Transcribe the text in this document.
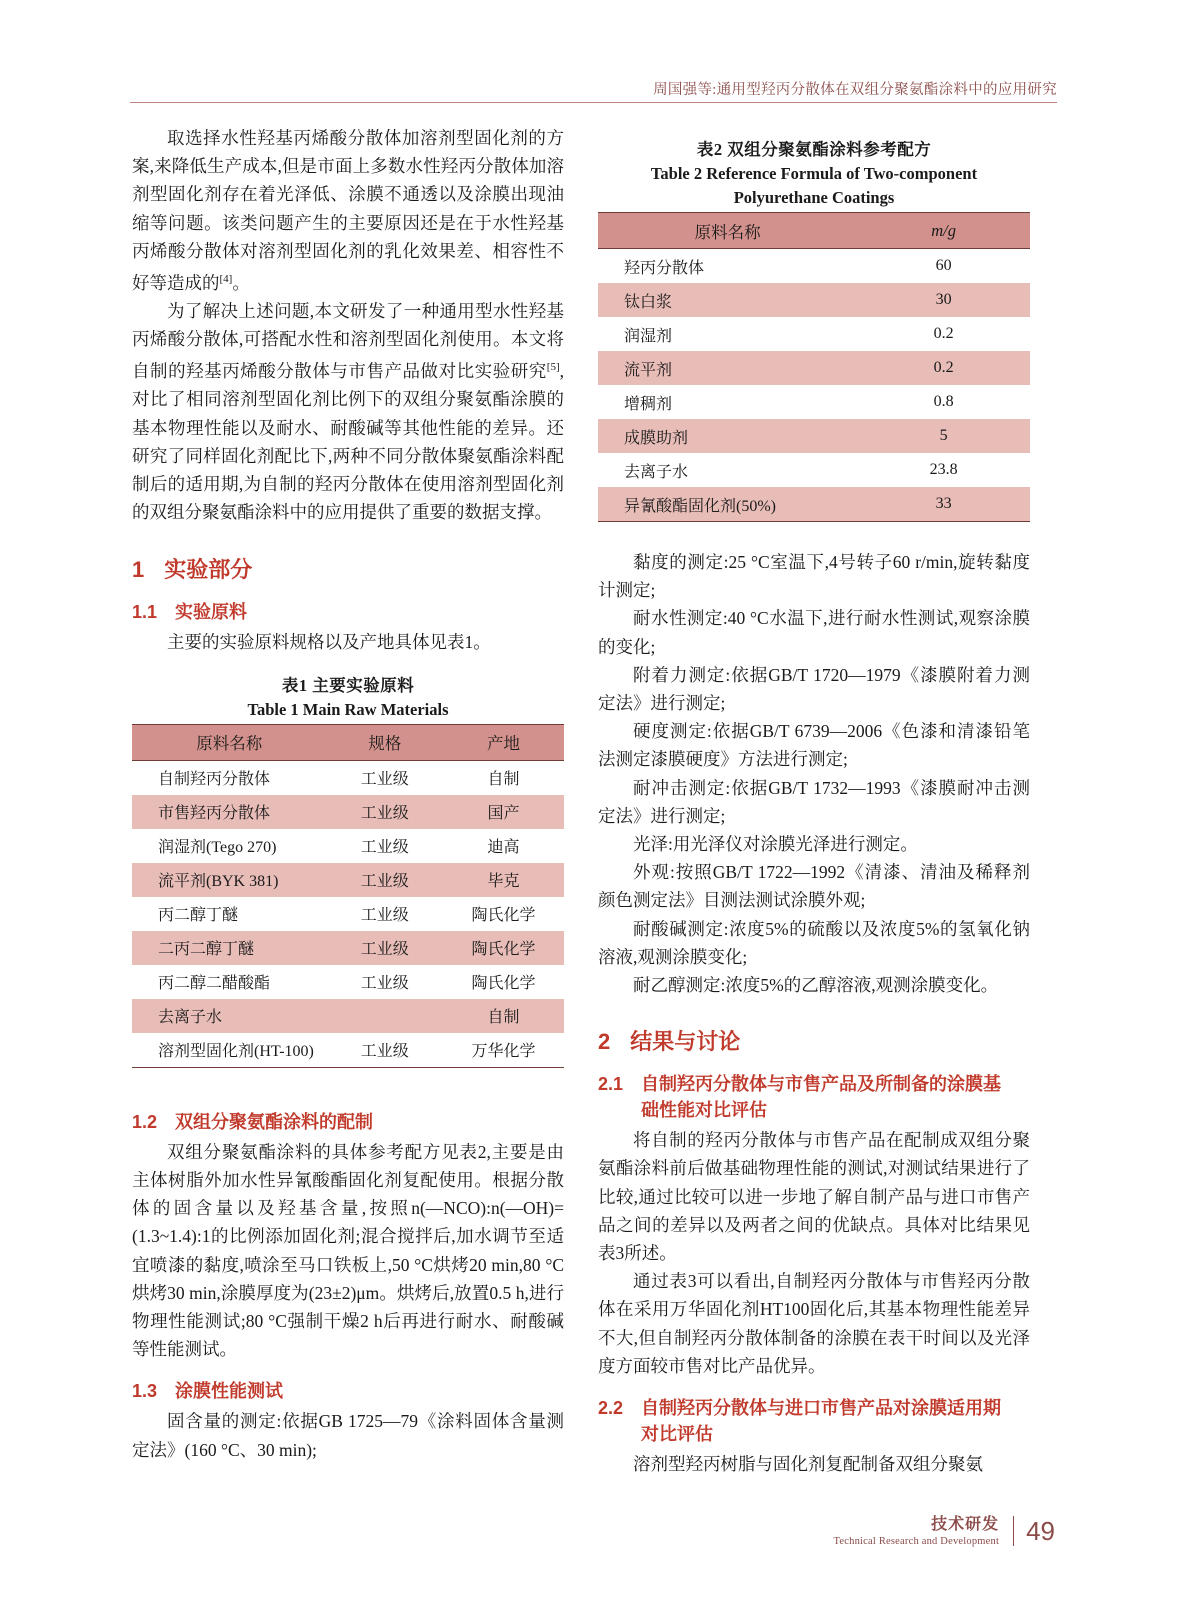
周国强等:通用型羟丙分散体在双组分聚氨酯涂料中的应用研究

取选择水性羟基丙烯酸分散体加溶剂型固化剂的方案,来降低生产成本,但是市面上多数水性羟丙分散体加溶剂型固化剂存在着光泽低、涂膜不通透以及涂膜出现油缩等问题。该类问题产生的主要原因还是在于水性羟基丙烯酸分散体对溶剂型固化剂的乳化效果差、相容性不好等造成的[4]。

为了解决上述问题,本文研发了一种通用型水性羟基丙烯酸分散体,可搭配水性和溶剂型固化剂使用。本文将自制的羟基丙烯酸分散体与市售产品做对比实验研究[5],对比了相同溶剂型固化剂比例下的双组分聚氨酯涂膜的基本物理性能以及耐水、耐酸碱等其他性能的差异。还研究了同样固化剂配比下,两种不同分散体聚氨酯涂料配制后的适用期,为自制的羟丙分散体在使用溶剂型固化剂的双组分聚氨酯涂料中的应用提供了重要的数据支撑。

1 实验部分
1.1 实验原料

主要的实验原料规格以及产地具体见表1。

表1 主要实验原料
Table 1 Main Raw Materials
原料名称	规格	产地
自制羟丙分散体	工业级	自制
市售羟丙分散体	工业级	国产
润湿剂(Tego 270)	工业级	迪高
流平剂(BYK 381)	工业级	毕克
丙二醇丁醚	工业级	陶氏化学
二丙二醇丁醚	工业级	陶氏化学
丙二醇二醋酸酯	工业级	陶氏化学
去离子水		自制
溶剂型固化剂(HT-100)	工业级	万华化学
1.2 双组分聚氨酯涂料的配制

双组分聚氨酯涂料的具体参考配方见表2,主要是由主体树脂外加水性异氰酸酯固化剂复配使用。根据分散体的固含量以及羟基含量,按照n(—NCO):n(—OH)=(1.3~1.4):1的比例添加固化剂;混合搅拌后,加水调节至适宜喷漆的黏度,喷涂至马口铁板上,50 °C烘烤20 min,80 °C烘烤30 min,涂膜厚度为(23±2)μm。烘烤后,放置0.5 h,进行物理性能测试;80 °C强制干燥2 h后再进行耐水、耐酸碱等性能测试。

1.3 涂膜性能测试

固含量的测定:依据GB 1725—79《涂料固体含量测定法》(160 °C、30 min);

表2 双组分聚氨酯涂料参考配方
Table 2 Reference Formula of Two-component
Polyurethane Coatings
原料名称	m/g
羟丙分散体	60
钛白浆	30
润湿剂	0.2
流平剂	0.2
增稠剂	0.8
成膜助剂	5
去离子水	23.8
异氰酸酯固化剂(50%)	33

黏度的测定:25 °C室温下,4号转子60 r/min,旋转黏度计测定;

耐水性测定:40 °C水温下,进行耐水性测试,观察涂膜的变化;

附着力测定:依据GB/T 1720—1979《漆膜附着力测定法》进行测定;

硬度测定:依据GB/T 6739—2006《色漆和清漆铅笔法测定漆膜硬度》方法进行测定;

耐冲击测定:依据GB/T 1732—1993《漆膜耐冲击测定法》进行测定;

光泽:用光泽仪对涂膜光泽进行测定。

外观:按照GB/T 1722—1992《清漆、清油及稀释剂颜色测定法》目测法测试涂膜外观;

耐酸碱测定:浓度5%的硫酸以及浓度5%的氢氧化钠溶液,观测涂膜变化;

耐乙醇测定:浓度5%的乙醇溶液,观测涂膜变化。

2 结果与讨论
2.1 自制羟丙分散体与市售产品及所制备的涂膜基
础性能对比评估

将自制的羟丙分散体与市售产品在配制成双组分聚氨酯涂料前后做基础物理性能的测试,对测试结果进行了比较,通过比较可以进一步地了解自制产品与进口市售产品之间的差异以及两者之间的优缺点。具体对比结果见表3所述。

通过表3可以看出,自制羟丙分散体与市售羟丙分散体在采用万华固化剂HT100固化后,其基本物理性能差异不大,但自制羟丙分散体制备的涂膜在表干时间以及光泽度方面较市售对比产品优异。

2.2 自制羟丙分散体与进口市售产品对涂膜适用期
对比评估

溶剂型羟丙树脂与固化剂复配制备双组分聚氨

技术研发
Technical Research and Development	49
